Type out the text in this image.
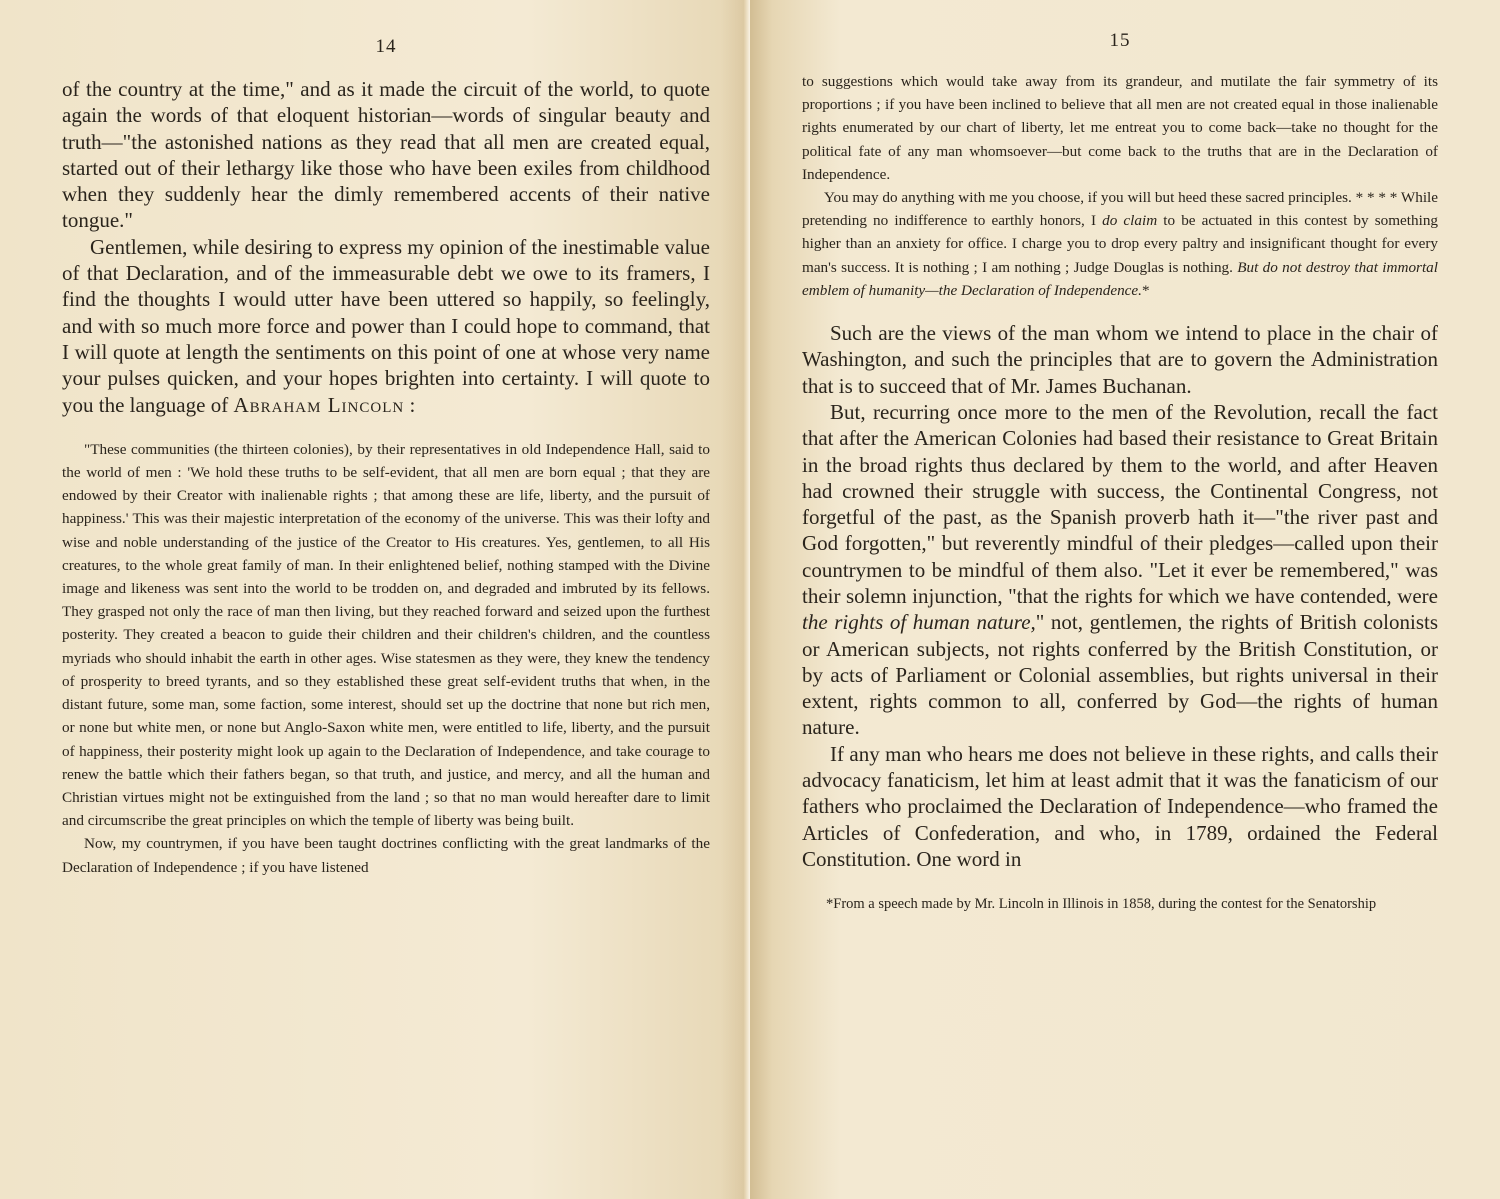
14

of the country at the time," and as it made the circuit of the world, to quote again the words of that eloquent historian—words of singular beauty and truth—"the astonished nations as they read that all men are created equal, started out of their lethargy like those who have been exiles from childhood when they suddenly hear the dimly remembered accents of their native tongue."

Gentlemen, while desiring to express my opinion of the inestimable value of that Declaration, and of the immeasurable debt we owe to its framers, I find the thoughts I would utter have been uttered so happily, so feelingly, and with so much more force and power than I could hope to command, that I will quote at length the sentiments on this point of one at whose very name your pulses quicken, and your hopes brighten into certainty. I will quote to you the language of Abraham Lincoln :

"These communities (the thirteen colonies), by their representatives in old Independence Hall, said to the world of men : 'We hold these truths to be self-evident, that all men are born equal ; that they are endowed by their Creator with inalienable rights ; that among these are life, liberty, and the pursuit of happiness.' This was their majestic interpretation of the economy of the universe. This was their lofty and wise and noble understanding of the justice of the Creator to His creatures. Yes, gentlemen, to all His creatures, to the whole great family of man. In their enlightened belief, nothing stamped with the Divine image and likeness was sent into the world to be trodden on, and degraded and imbruted by its fellows. They grasped not only the race of man then living, but they reached forward and seized upon the furthest posterity. They created a beacon to guide their children and their children's children, and the countless myriads who should inhabit the earth in other ages. Wise statesmen as they were, they knew the tendency of prosperity to breed tyrants, and so they established these great self-evident truths that when, in the distant future, some man, some faction, some interest, should set up the doctrine that none but rich men, or none but white men, or none but Anglo-Saxon white men, were entitled to life, liberty, and the pursuit of happiness, their posterity might look up again to the Declaration of Independence, and take courage to renew the battle which their fathers began, so that truth, and justice, and mercy, and all the human and Christian virtues might not be extinguished from the land ; so that no man would hereafter dare to limit and circumscribe the great principles on which the temple of liberty was being built.

Now, my countrymen, if you have been taught doctrines conflicting with the great landmarks of the Declaration of Independence ; if you have listened

15

to suggestions which would take away from its grandeur, and mutilate the fair symmetry of its proportions ; if you have been inclined to believe that all men are not created equal in those inalienable rights enumerated by our chart of liberty, let me entreat you to come back—take no thought for the political fate of any man whomsoever—but come back to the truths that are in the Declaration of Independence.

You may do anything with me you choose, if you will but heed these sacred principles. * * * * While pretending no indifference to earthly honors, I do claim to be actuated in this contest by something higher than an anxiety for office. I charge you to drop every paltry and insignificant thought for every man's success. It is nothing ; I am nothing ; Judge Douglas is nothing. But do not destroy that immortal emblem of humanity—the Declaration of Independence.*

Such are the views of the man whom we intend to place in the chair of Washington, and such the principles that are to govern the Administration that is to succeed that of Mr. James Buchanan.

But, recurring once more to the men of the Revolution, recall the fact that after the American Colonies had based their resistance to Great Britain in the broad rights thus declared by them to the world, and after Heaven had crowned their struggle with success, the Continental Congress, not forgetful of the past, as the Spanish proverb hath it—"the river past and God forgotten," but reverently mindful of their pledges—called upon their countrymen to be mindful of them also. "Let it ever be remembered," was their solemn injunction, "that the rights for which we have contended, were the rights of human nature," not, gentlemen, the rights of British colonists or American subjects, not rights conferred by the British Constitution, or by acts of Parliament or Colonial assemblies, but rights universal in their extent, rights common to all, conferred by God—the rights of human nature.

If any man who hears me does not believe in these rights, and calls their advocacy fanaticism, let him at least admit that it was the fanaticism of our fathers who proclaimed the Declaration of Independence—who framed the Articles of Confederation, and who, in 1789, ordained the Federal Constitution. One word in

*From a speech made by Mr. Lincoln in Illinois in 1858, during the contest for the Senatorship
